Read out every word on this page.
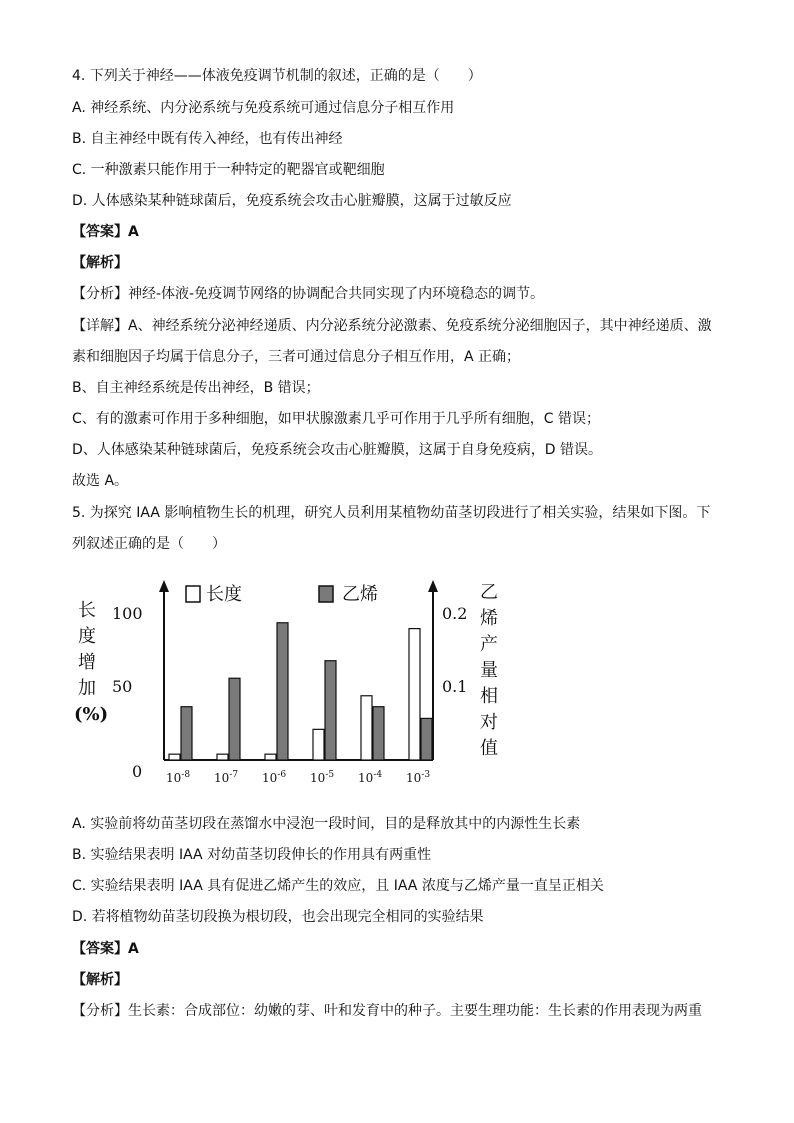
4. 下列关于神经——体液免疫调节机制的叙述，正确的是（　　）
A. 神经系统、内分泌系统与免疫系统可通过信息分子相互作用
B. 自主神经中既有传入神经，也有传出神经
C. 一种激素只能作用于一种特定的靶器官或靶细胞
D. 人体感染某种链球菌后，免疫系统会攻击心脏瓣膜，这属于过敏反应
【答案】A
【解析】
【分析】神经-体液-免疫调节网络的协调配合共同实现了内环境稳态的调节。
【详解】A、神经系统分泌神经递质、内分泌系统分泌激素、免疫系统分泌细胞因子，其中神经递质、激
素和细胞因子均属于信息分子，三者可通过信息分子相互作用，A 正确；
B、自主神经系统是传出神经，B 错误；
C、有的激素可作用于多种细胞，如甲状腺激素几乎可作用于几乎所有细胞，C 错误；
D、人体感染某种链球菌后，免疫系统会攻击心脏瓣膜，这属于自身免疫病，D 错误。
故选 A。
5. 为探究 IAA 影响植物生长的机理，研究人员利用某植物幼苗茎切段进行了相关实验，结果如下图。下
列叙述正确的是（　　）
0
50
100
0.1
0.2
长
度
增
加
(%)
乙
烯
产
量
相
对
值
长度	乙烯
$10^{-8}$ $10^{-7}$ $10^{-6}$ $10^{-5}$ $10^{-4}$ $10^{-3}$
A. 实验前将幼苗茎切段在蒸馏水中浸泡一段时间，目的是释放其中的内源性生长素
B. 实验结果表明 IAA 对幼苗茎切段伸长的作用具有两重性
C. 实验结果表明 IAA 具有促进乙烯产生的效应，且 IAA 浓度与乙烯产量一直呈正相关
D. 若将植物幼苗茎切段换为根切段，也会出现完全相同的实验结果
【答案】A
【解析】
【分析】生长素：合成部位：幼嫩的芽、叶和发育中的种子。主要生理功能：生长素的作用表现为两重
